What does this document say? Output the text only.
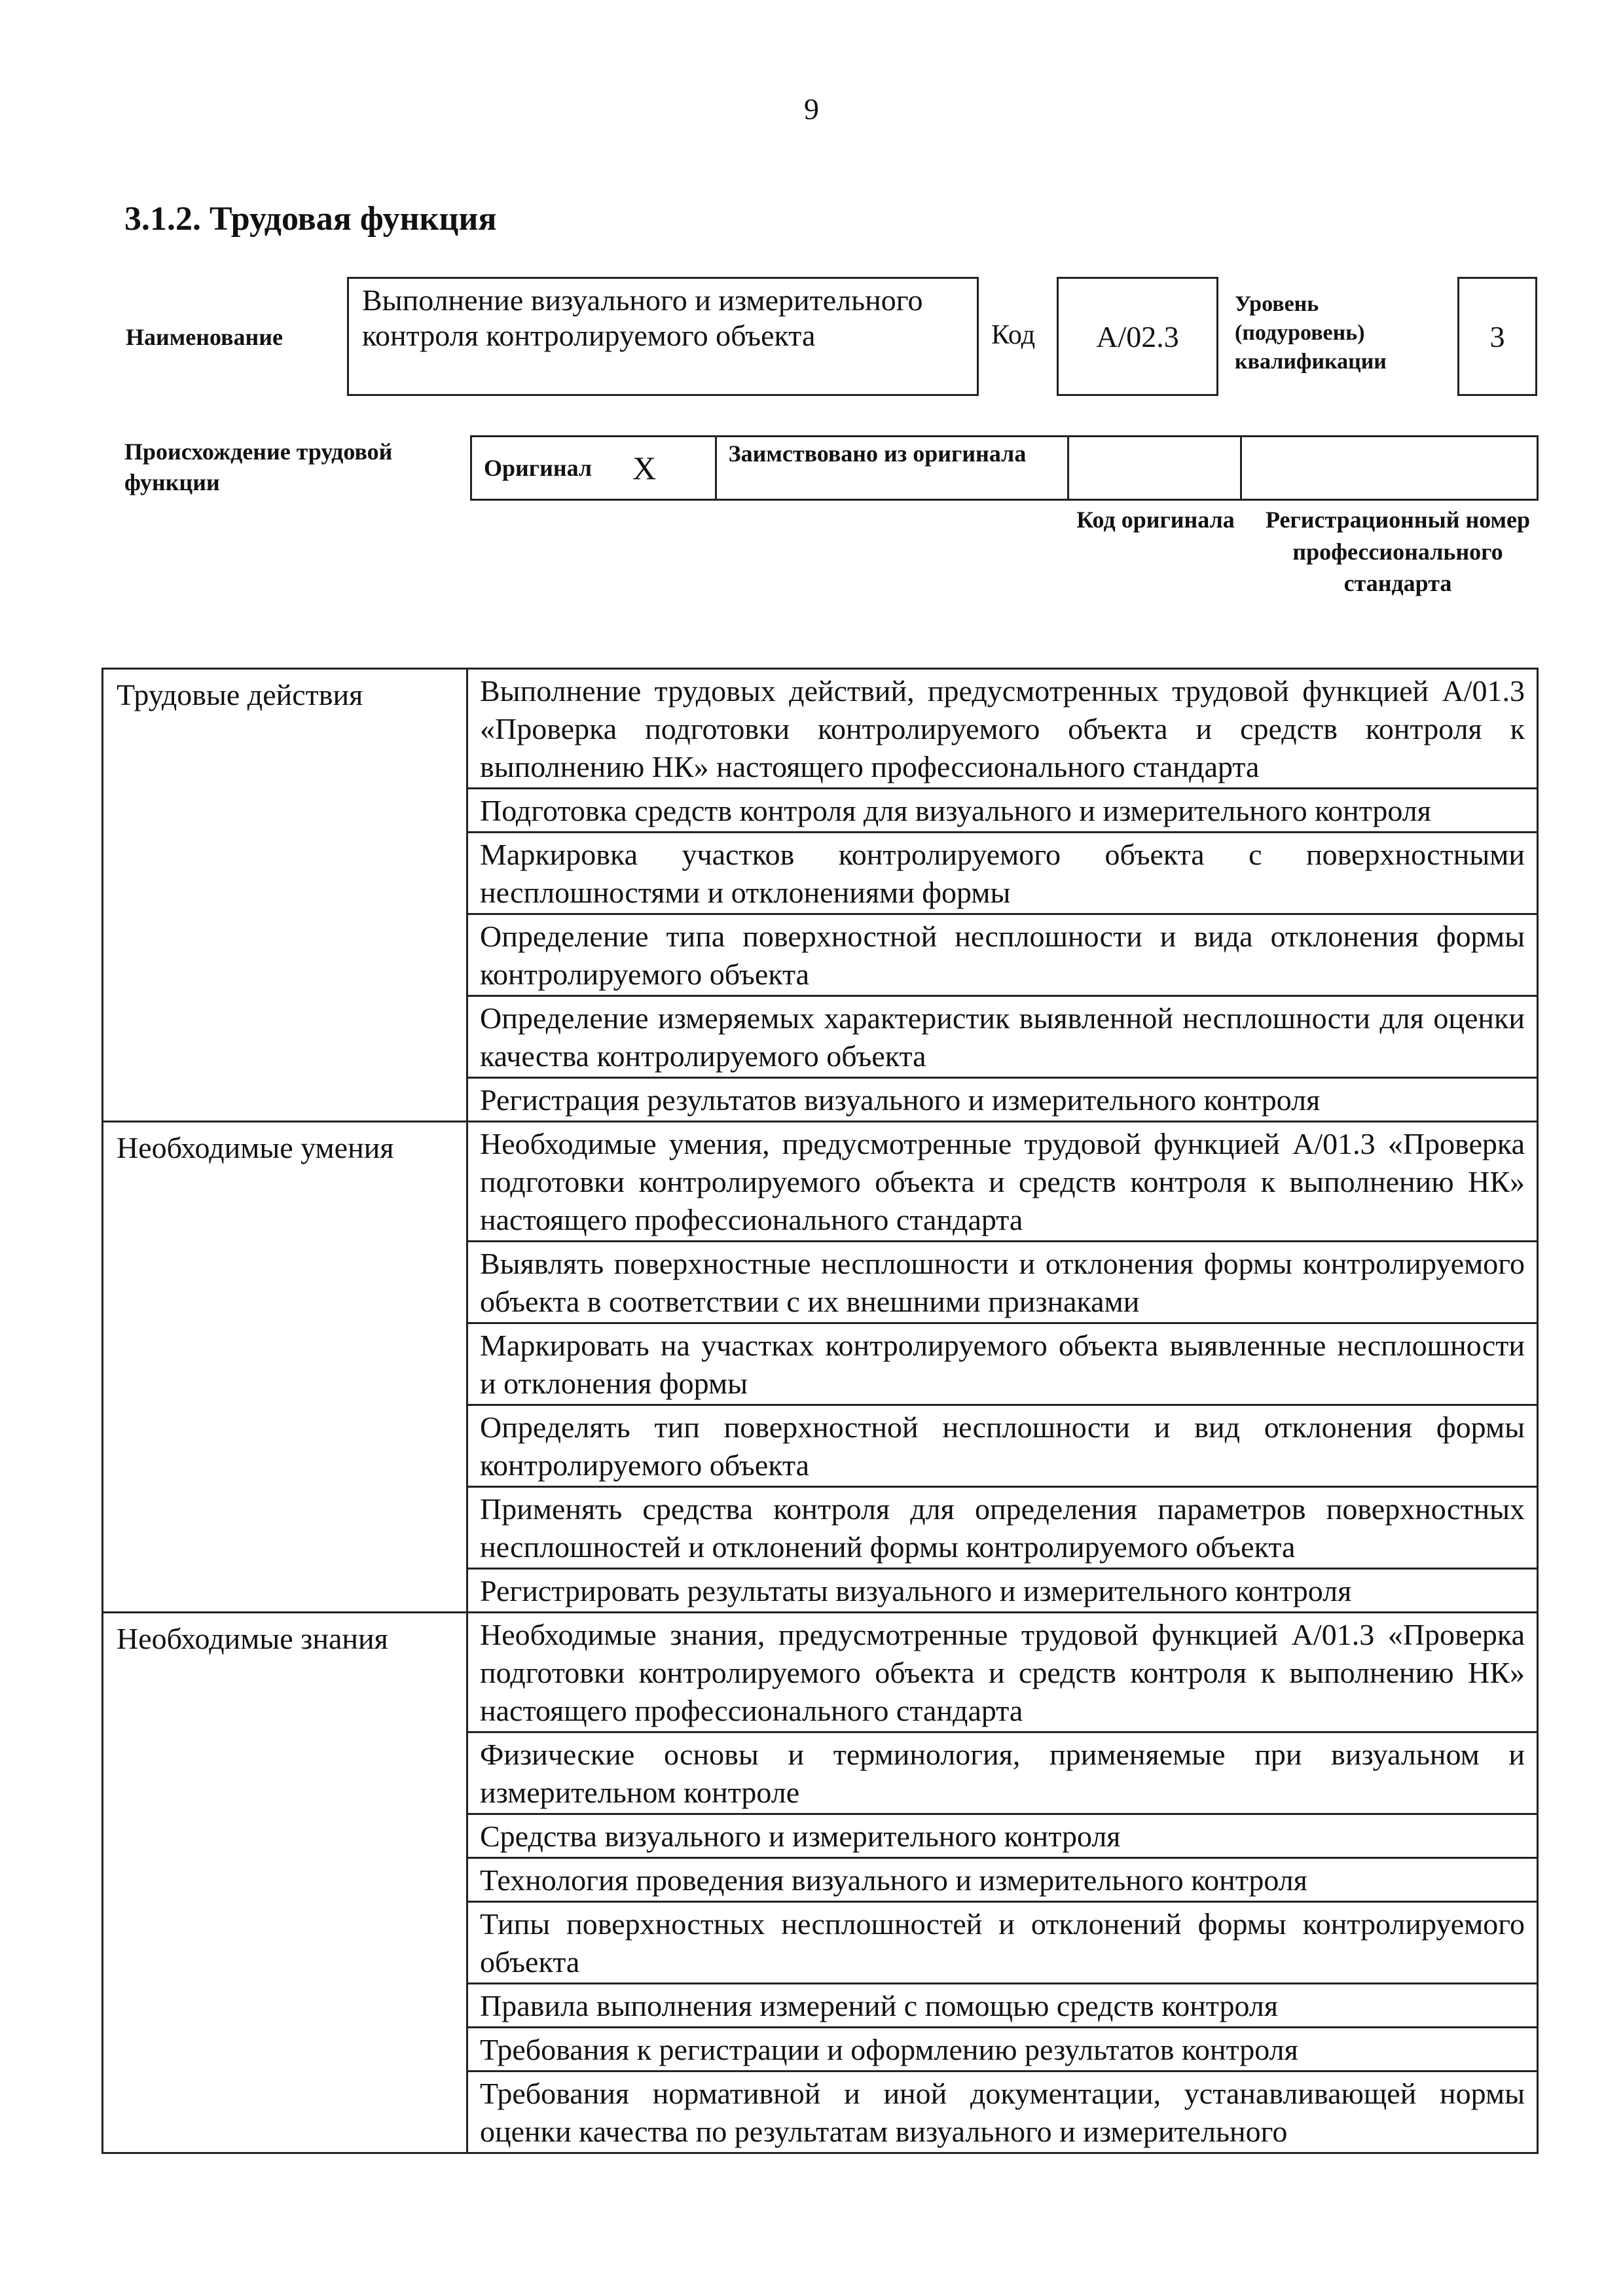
9
3.1.2. Трудовая функция
Наименование
Выполнение визуального и измерительного контроля контролируемого объекта	Код	А/02.3
Уровень (подуровень) квалификации
3
Происхождение трудовой функции
Оригинал X	Заимствовано из оригинала
Код оригинала	Регистрационный номер профессионального стандарта
Трудовые действия	Выполнение трудовых действий, предусмотренных трудовой функцией А/01.3 «Проверка подготовки контролируемого объекта и средств контроля к выполнению НК» настоящего профессионального стандарта
Подготовка средств контроля для визуального и измерительного контроля
Маркировка участков контролируемого объекта с поверхностными несплошностями и отклонениями формы
Определение типа поверхностной несплошности и вида отклонения формы контролируемого объекта
Определение измеряемых характеристик выявленной несплошности для оценки качества контролируемого объекта
Регистрация результатов визуального и измерительного контроля
Необходимые умения	Необходимые умения, предусмотренные трудовой функцией А/01.3 «Проверка подготовки контролируемого объекта и средств контроля к выполнению НК» настоящего профессионального стандарта
Выявлять поверхностные несплошности и отклонения формы контролируемого объекта в соответствии с их внешними признаками
Маркировать на участках контролируемого объекта выявленные несплошности и отклонения формы
Определять тип поверхностной несплошности и вид отклонения формы контролируемого объекта
Применять средства контроля для определения параметров поверхностных несплошностей и отклонений формы контролируемого объекта
Регистрировать результаты визуального и измерительного контроля
Необходимые знания	Необходимые знания, предусмотренные трудовой функцией А/01.3 «Проверка подготовки контролируемого объекта и средств контроля к выполнению НК» настоящего профессионального стандарта
Физические основы и терминология, применяемые при визуальном и измерительном контроле
Средства визуального и измерительного контроля
Технология проведения визуального и измерительного контроля
Типы поверхностных несплошностей и отклонений формы контролируемого объекта
Правила выполнения измерений с помощью средств контроля
Требования к регистрации и оформлению результатов контроля
Требования нормативной и иной документации, устанавливающей нормы оценки качества по результатам визуального и измерительного
